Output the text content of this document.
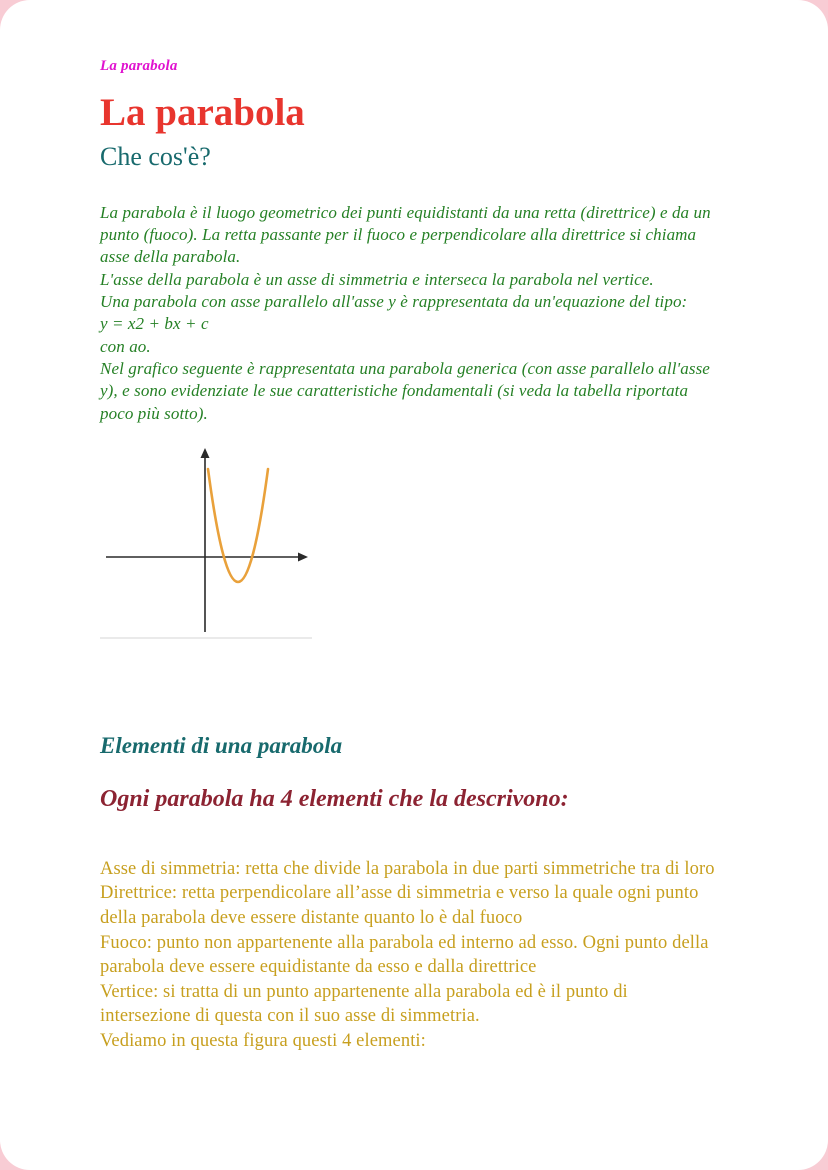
La parabola
La parabola
Che cos'è?
La parabola è il luogo geometrico dei punti equidistanti da una retta (direttrice) e da un
punto (fuoco). La retta passante per il fuoco e perpendicolare alla direttrice si chiama
asse della parabola.
L'asse della parabola è un asse di simmetria e interseca la parabola nel vertice.
Una parabola con asse parallelo all'asse y è rappresentata da un'equazione del tipo:
y = x2 + bx + c
con ao.
Nel grafico seguente è rappresentata una parabola generica (con asse parallelo all'asse
y), e sono evidenziate le sue caratteristiche fondamentali (si veda la tabella riportata
poco più sotto).
Elementi di una parabola
Ogni parabola ha 4 elementi che la descrivono:
Asse di simmetria: retta che divide la parabola in due parti simmetriche tra di loro
Direttrice: retta perpendicolare all’asse di simmetria e verso la quale ogni punto
della parabola deve essere distante quanto lo è dal fuoco
Fuoco: punto non appartenente alla parabola ed interno ad esso. Ogni punto della
parabola deve essere equidistante da esso e dalla direttrice
Vertice: si tratta di un punto appartenente alla parabola ed è il punto di
intersezione di questa con il suo asse di simmetria.
Vediamo in questa figura questi 4 elementi:
